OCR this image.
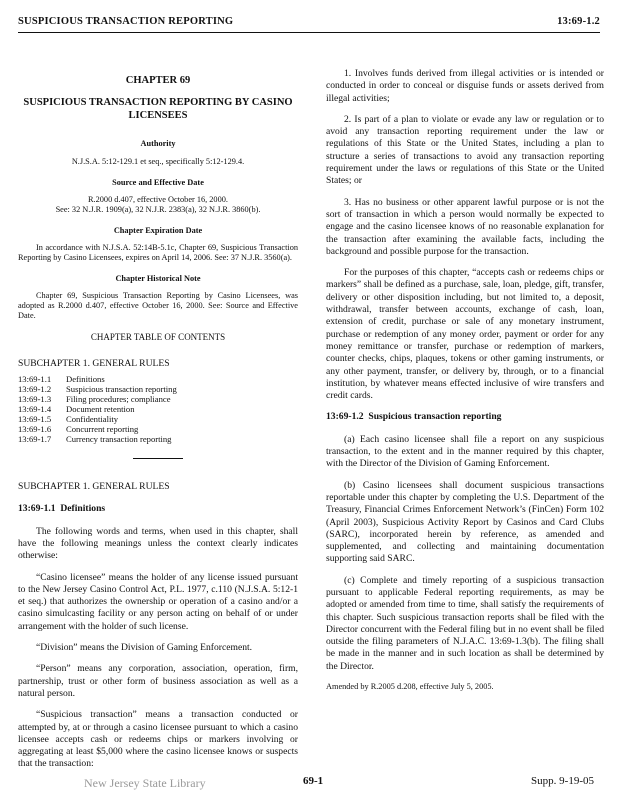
SUSPICIOUS TRANSACTION REPORTING	13:69-1.2
CHAPTER 69
SUSPICIOUS TRANSACTION REPORTING BY CASINO LICENSEES
Authority
N.J.S.A. 5:12-129.1 et seq., specifically 5:12-129.4.
Source and Effective Date
R.2000 d.407, effective October 16, 2000.
See: 32 N.J.R. 1909(a), 32 N.J.R. 2383(a), 32 N.J.R. 3860(b).
Chapter Expiration Date

In accordance with N.J.S.A. 52:14B-5.1c, Chapter 69, Suspicious Transaction Reporting by Casino Licensees, expires on April 14, 2006. See: 37 N.J.R. 3560(a).

Chapter Historical Note

Chapter 69, Suspicious Transaction Reporting by Casino Licensees, was adopted as R.2000 d.407, effective October 16, 2000. See: Source and Effective Date.

CHAPTER TABLE OF CONTENTS
SUBCHAPTER 1. GENERAL RULES
13:69-1.1	Definitions
13:69-1.2	Suspicious transaction reporting
13:69-1.3	Filing procedures; compliance
13:69-1.4	Document retention
13:69-1.5	Confidentiality
13:69-1.6	Concurrent reporting
13:69-1.7	Currency transaction reporting
SUBCHAPTER 1. GENERAL RULES
13:69-1.1 Definitions

The following words and terms, when used in this chapter, shall have the following meanings unless the context clearly indicates otherwise:

“Casino licensee” means the holder of any license issued pursuant to the New Jersey Casino Control Act, P.L. 1977, c.110 (N.J.S.A. 5:12-1 et seq.) that authorizes the ownership or operation of a casino and/or a casino simulcasting facility or any person acting on behalf of or under arrangement with the holder of such license.

“Division” means the Division of Gaming Enforcement.

“Person” means any corporation, association, operation, firm, partnership, trust or other form of business association as well as a natural person.

“Suspicious transaction” means a transaction conducted or attempted by, at or through a casino licensee pursuant to which a casino licensee accepts cash or redeems chips or markers involving or aggregating at least $5,000 where the casino licensee knows or suspects that the transaction:

1. Involves funds derived from illegal activities or is intended or conducted in order to conceal or disguise funds or assets derived from illegal activities;

2. Is part of a plan to violate or evade any law or regulation or to avoid any transaction reporting requirement under the law or regulations of this State or the United States, including a plan to structure a series of transactions to avoid any transaction reporting requirement under the laws or regulations of this State or the United States; or

3. Has no business or other apparent lawful purpose or is not the sort of transaction in which a person would normally be expected to engage and the casino licensee knows of no reasonable explanation for the transaction after examining the available facts, including the background and possible purpose for the transaction.

For the purposes of this chapter, “accepts cash or redeems chips or markers” shall be defined as a purchase, sale, loan, pledge, gift, transfer, delivery or other disposition including, but not limited to, a deposit, withdrawal, transfer between accounts, exchange of cash, loan, extension of credit, purchase or sale of any monetary instrument, purchase or redemption of any money order, payment or order for any money remittance or transfer, purchase or redemption of markers, counter checks, chips, plaques, tokens or other gaming instruments, or any other payment, transfer, or delivery by, through, or to a financial institution, by whatever means effected inclusive of wire transfers and credit cards.

13:69-1.2 Suspicious transaction reporting

(a) Each casino licensee shall file a report on any suspicious transaction, to the extent and in the manner required by this chapter, with the Director of the Division of Gaming Enforcement.

(b) Casino licensees shall document suspicious transactions reportable under this chapter by completing the U.S. Department of the Treasury, Financial Crimes Enforcement Network’s (FinCen) Form 102 (April 2003), Suspicious Activity Report by Casinos and Card Clubs (SARC), incorporated herein by reference, as amended and supplemented, and collecting and maintaining documentation supporting said SARC.

(c) Complete and timely reporting of a suspicious transaction pursuant to applicable Federal reporting requirements, as may be adopted or amended from time to time, shall satisfy the requirements of this chapter. Such suspicious transaction reports shall be filed with the Director concurrent with the Federal filing but in no event shall be filed outside the filing parameters of N.J.A.C. 13:69-1.3(b). The filing shall be made in the manner and in such location as shall be determined by the Director.

Amended by R.2005 d.208, effective July 5, 2005.

New Jersey State Library	69-1	Supp. 9-19-05
